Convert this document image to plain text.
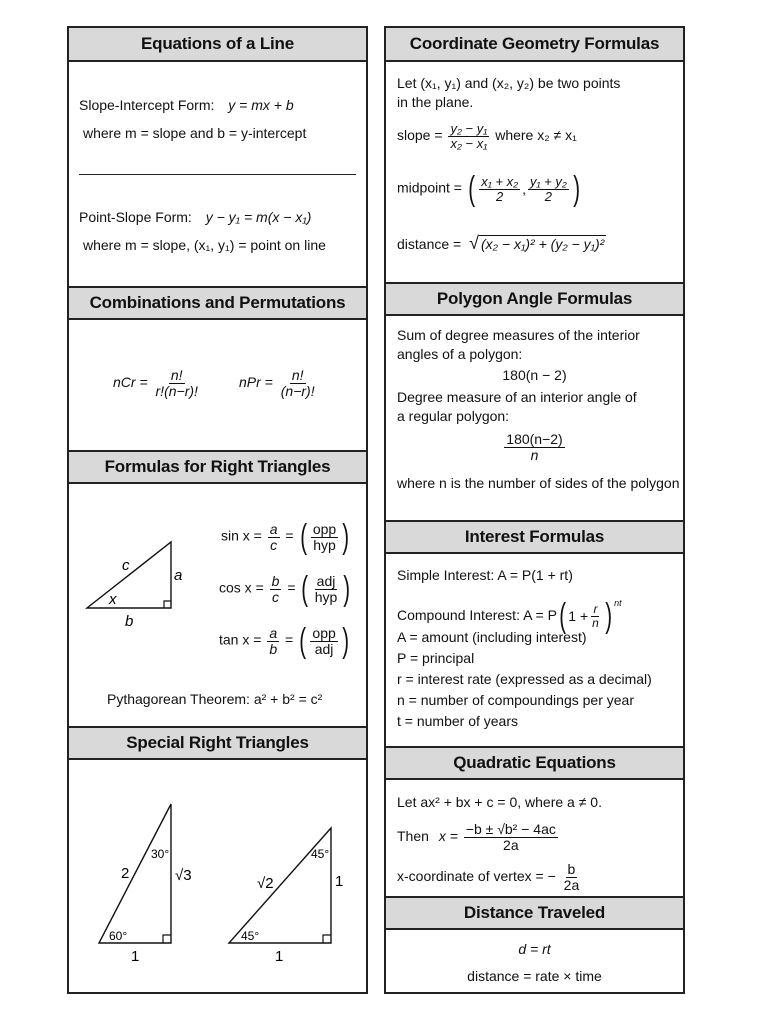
Equations of a Line
Slope-Intercept Form: y = mx + b
where m = slope and b = y-intercept
Point-Slope Form: y − y₁ = m(x − x₁)
where m = slope, (x₁, y₁) = point on line
Combinations and Permutations
nCr = $\frac{n!}{r!(n-r)!}$	nPr = $\frac{n!}{(n-r)!}$
Formulas for Right Triangles
c
a
b
x
$\sin x = \frac{a}{c}$ = ( $\frac{\text{opp}}{\text{hyp}}$ )
$\cos x = \frac{b}{c}$ = ( $\frac{\text{adj}}{\text{hyp}}$ )
$\tan x = \frac{a}{b}$ = ( $\frac{\text{opp}}{\text{adj}}$ )
Pythagorean Theorem: a² + b² = c²
Special Right Triangles
2
30°
√3
60°
1
√2
45°
1
45°
1
Coordinate Geometry Formulas
Let (x₁, y₁) and (x₂, y₂) be two points
in the plane.
slope = $\frac{\text{y₂ − y₁}}{\text{x₂ − x₁}}$ where x₂ ≠ x₁
midpoint = ( $\frac{\text{x₁ + x₂}}{2}$ , $\frac{\text{y₁ + y₂}}{2}$ )
distance = √ (x₂ − x₁)² + (y₂ − y₁)²
Polygon Angle Formulas
Sum of degree measures of the interior
angles of a polygon:
180(n − 2)
Degree measure of an interior angle of
a regular polygon:
$\frac{180(n-2)}{n}$
where n is the number of sides of the polygon
Interest Formulas
Simple Interest: A = P(1 + rt)
Compound Interest: A = P ( $1 + \frac{r}{n}$ ) $^{nt}$
A = amount (including interest)
P = principal
r = interest rate (expressed as a decimal)
n = number of compoundings per year
t = number of years
Quadratic Equations
Let ax² + bx + c = 0, where a ≠ 0.
Then $x = \frac{\text{−b ± √b² − 4ac}}{2a}$
x-coordinate of vertex = − $\frac{b}{2a}$
Distance Traveled
d = rt
distance = rate × time
